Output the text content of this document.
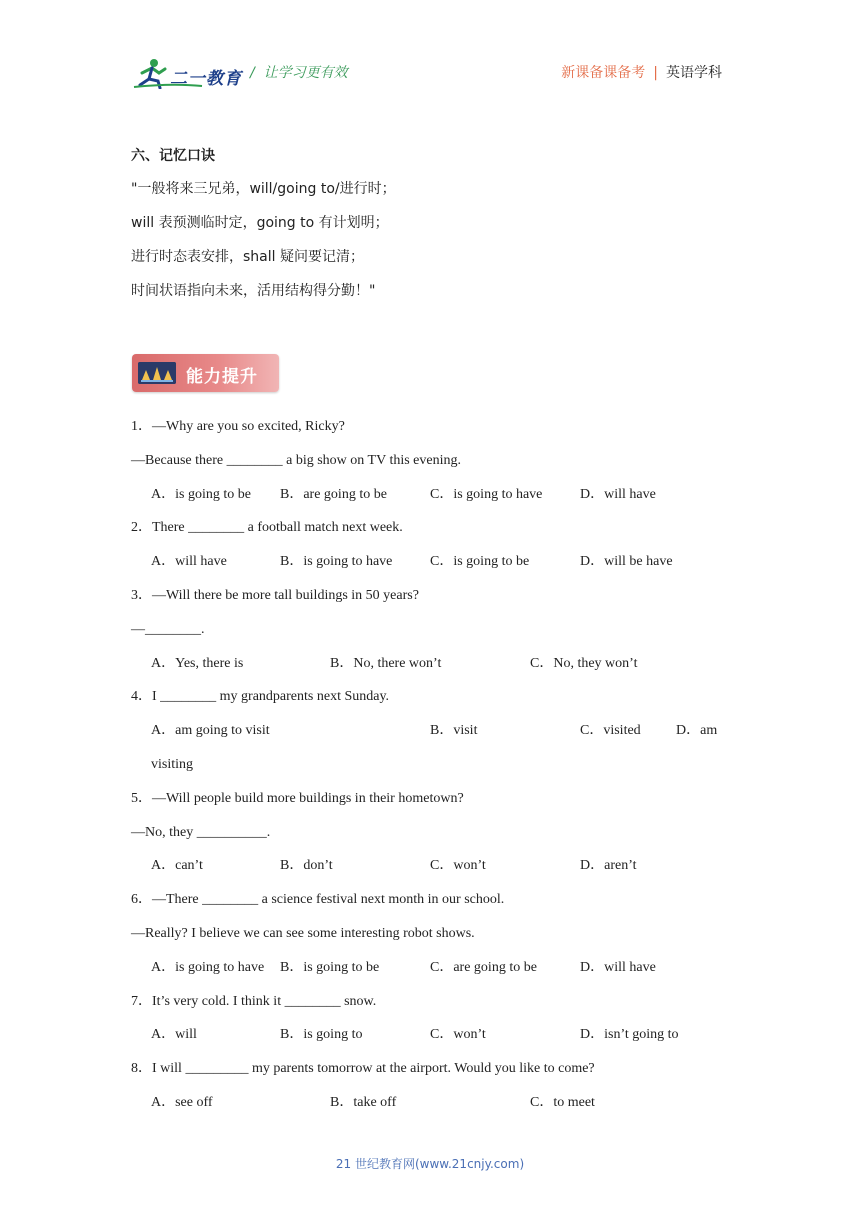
二一教育 /  让学习更有效	新课备课备考 | 英语学科
六、记忆口诀
"一般将来三兄弟，will/going to/进行时；
will 表预测临时定，going to 有计划明；
进行时态表安排，shall 疑问要记清；
时间状语指向未来，活用结构得分勤！"
能力提升
1．—Why are you so excited, Ricky?
—Because there ________ a big show on TV this evening.
A．is going to be B．are going to be	C．is going to have	D．will have
2．There ________ a football match next week.
A．will have	B．is going to have	C．is going to be	D．will be have
3．—Will there be more tall buildings in 50 years?
—________.
A．Yes, there is	B．No, there won’t	C．No, they won’t
4．I ________ my grandparents next Sunday.
A．am going to visit	B．visit	C．visited	D．am
visiting
5．—Will people build more buildings in their hometown?
—No, they __________.
A．can’t	B．don’t	C．won’t	D．aren’t
6．—There ________ a science festival next month in our school.
—Really? I believe we can see some interesting robot shows.
A．is going to have B．is going to be	C．are going to be	D．will have
7．It’s very cold. I think it ________ snow.
A．will	B．is going to	C．won’t	D．isn’t going to
8．I will _________ my parents tomorrow at the airport. Would you like to come?
A．see off	B．take off	C．to meet
21 世纪教育网(www.21cnjy.com)
